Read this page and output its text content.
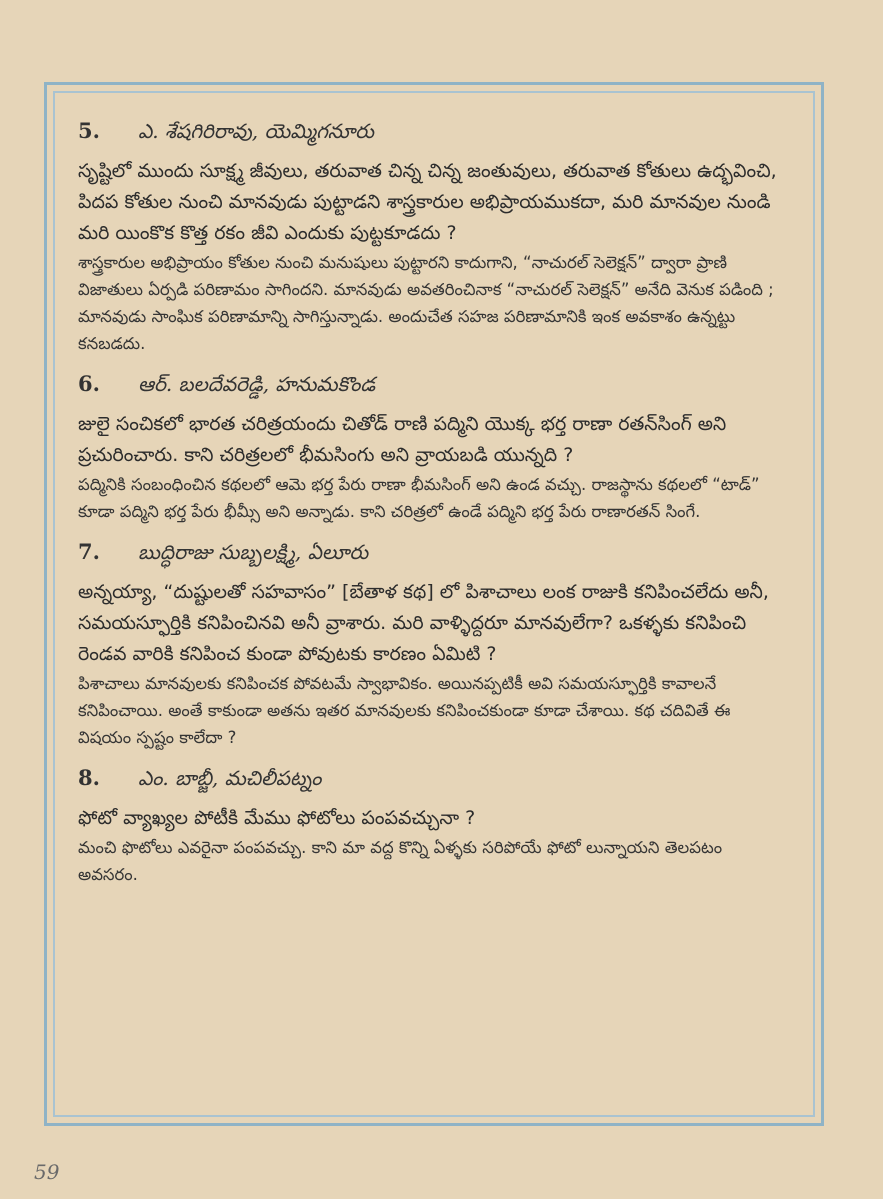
5.	ఎ. శేషగిరిరావు, యెమ్మిగనూరు

సృష్టిలో ముందు సూక్ష్మ జీవులు, తరువాత చిన్న చిన్న జంతువులు, తరువాత కోతులు ఉద్భవించి, పిదప కోతుల నుంచి మానవుడు పుట్టాడని శాస్త్రకారుల అభిప్రాయముకదా, మరి మానవుల నుండి మరి యింకొక కొత్త రకం జీవి ఎందుకు పుట్టకూడదు ?

శాస్త్రకారుల అభిప్రాయం కోతుల నుంచి మనుషులు పుట్టారని కాదుగాని, “నాచురల్ సెలెక్షన్” ద్వారా ప్రాణి విజాతులు ఏర్పడి పరిణామం సాగిందని. మానవుడు అవతరించినాక “నాచురల్ సెలెక్షన్” అనేది వెనుక పడింది ; మానవుడు సాంఘిక పరిణామాన్ని సాగిస్తున్నాడు. అందుచేత సహజ పరిణామానికి ఇంక అవకాశం ఉన్నట్టు కనబడదు.

6.	ఆర్. బలదేవరెడ్డి, హనుమకొండ

జులై సంచికలో భారత చరిత్రయందు చితోడ్ రాణి పద్మిని యొక్క భర్త రాణా రతన్‌సింగ్ అని ప్రచురించారు. కాని చరిత్రలలో భీమసింగు అని వ్రాయబడి యున్నది ?

పద్మినికి సంబంధించిన కథలలో ఆమె భర్త పేరు రాణా భీమసింగ్ అని ఉండ వచ్చు. రాజస్థాను కథలలో “టాడ్” కూడా పద్మిని భర్త పేరు భీమ్సీ అని అన్నాడు. కాని చరిత్రలో ఉండే పద్మిని భర్త పేరు రాణారతన్ సింగే.

7.	బుద్ధిరాజు సుబ్బలక్ష్మి, ఏలూరు

అన్నయ్యా, “దుష్టులతో సహవాసం” [బేతాళ కథ] లో పిశాచాలు లంక రాజుకి కనిపించలేదు అనీ, సమయస్ఫూర్తికి కనిపించినవి అనీ వ్రాశారు. మరి వాళ్ళిద్దరూ మానవులేగా? ఒకళ్ళకు కనిపించి రెండవ వారికి కనిపించ కుండా పోవుటకు కారణం ఏమిటి ?

పిశాచాలు మానవులకు కనిపించక పోవటమే స్వాభావికం. అయినప్పటికీ అవి సమయస్ఫూర్తికి కావాలనే కనిపించాయి. అంతే కాకుండా అతను ఇతర మానవులకు కనిపించకుండా కూడా చేశాయి. కథ చదివితే ఈ విషయం స్పష్టం కాలేదా ?

8.	ఎం. బాబ్జీ, మచిలీపట్నం

ఫోటో వ్యాఖ్యల పోటీకి మేము ఫోటోలు పంపవచ్చునా ?

మంచి ఫొటోలు ఎవరైనా పంపవచ్చు. కాని మా వద్ద కొన్ని ఏళ్ళకు సరిపోయే ఫోటో లున్నాయని తెలపటం అవసరం.

59
